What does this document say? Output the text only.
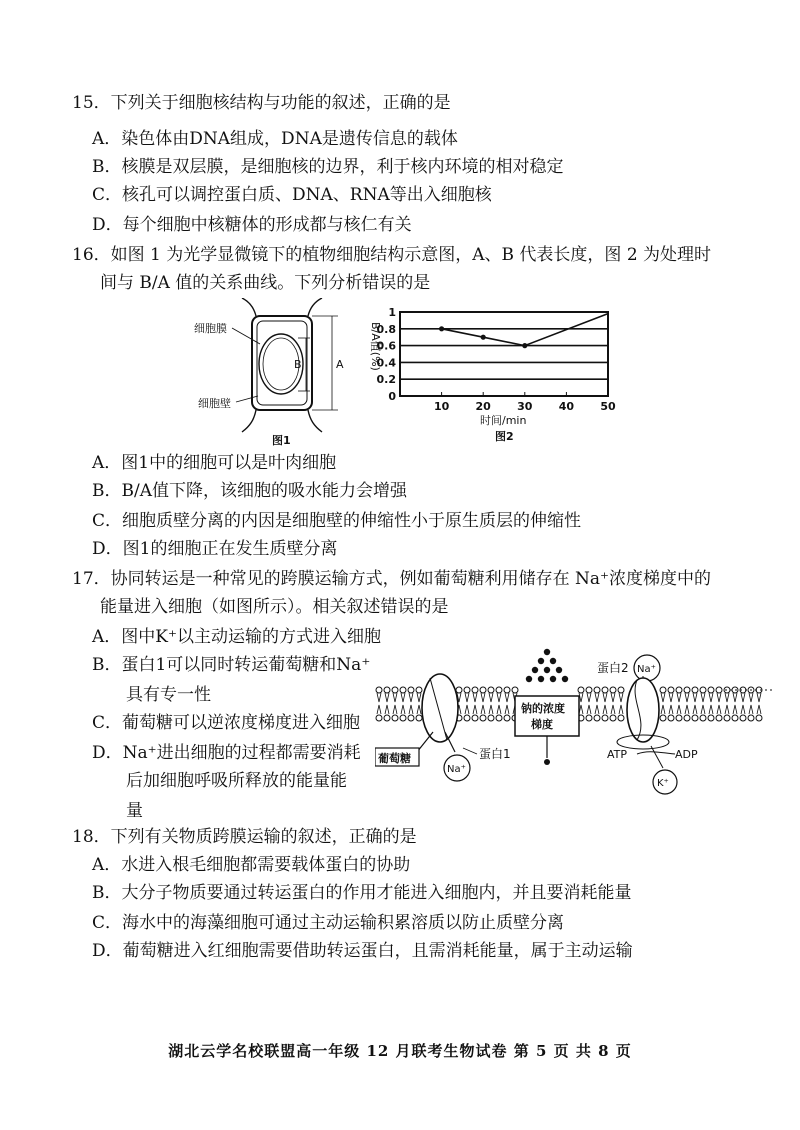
15．下列关于细胞核结构与功能的叙述，正确的是
A．染色体由DNA组成，DNA是遗传信息的载体
B．核膜是双层膜，是细胞核的边界，利于核内环境的相对稳定
C．核孔可以调控蛋白质、DNA、RNA等出入细胞核
D．每个细胞中核糖体的形成都与核仁有关
16．如图 1 为光学显微镜下的植物细胞结构示意图，A、B 代表长度，图 2 为处理时
间与 B/A 值的关系曲线。下列分析错误的是
细胞膜
细胞壁
B	A
图1
B/A值(%)
时间/min
图2
0
0.2
0.4
0.6
0.8
1
10 20 30 40 50
A．图1中的细胞可以是叶肉细胞
B．B/A值下降，该细胞的吸水能力会增强
C．细胞质壁分离的内因是细胞壁的伸缩性小于原生质层的伸缩性
D．图1的细胞正在发生质壁分离
17．协同转运是一种常见的跨膜运输方式，例如葡萄糖利用储存在 Na⁺浓度梯度中的
能量进入细胞（如图所示）。相关叙述错误的是
A．图中K⁺以主动运输的方式进入细胞
B．蛋白1可以同时转运葡萄糖和Na⁺
具有专一性
C．葡萄糖可以逆浓度梯度进入细胞
D．Na⁺进出细胞的过程都需要消耗
后加细胞呼吸所释放的能量能
量
葡萄糖
Na⁺
蛋白1
钠的浓度
梯度
蛋白2 Na⁺
ATP	ADP
K⁺
18．下列有关物质跨膜运输的叙述，正确的是
A．水进入根毛细胞都需要载体蛋白的协助
B．大分子物质要通过转运蛋白的作用才能进入细胞内，并且要消耗能量
C．海水中的海藻细胞可通过主动运输积累溶质以防止质壁分离
D．葡萄糖进入红细胞需要借助转运蛋白，且需消耗能量，属于主动运输
湖北云学名校联盟高一年级 12 月联考生物试卷 第 5 页 共 8 页
